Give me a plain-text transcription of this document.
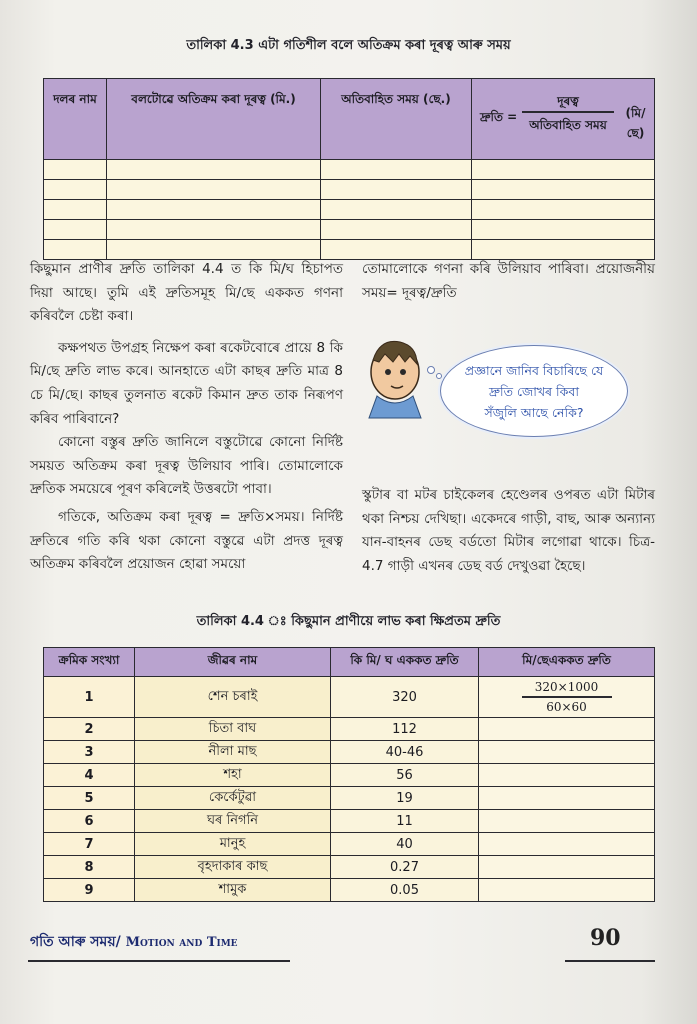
তালিকা 4.3 এটা গতিশীল বলে অতিক্ৰম কৰা দূৰত্ব আৰু সময়
দলৰ নাম	বলটোৱে অতিক্ৰম কৰা দূৰত্ব (মি.)	অতিবাহিত সময় (ছে.)	দ্ৰুতি =
দূৰত্ব
(মি/ছে)
অতিবাহিত সময়

কিছুমান প্ৰাণীৰ দ্ৰুতি তালিকা 4.4 ত কি মি/ঘ হিচাপত দিয়া আছে। তুমি এই দ্ৰুতিসমূহ মি/ছে এককত গণনা কৰিবলৈ চেষ্টা কৰা।

কক্ষপথত উপগ্ৰহ নিক্ষেপ কৰা ৰকেটবোৰে প্ৰায়ে 8 কি মি/ছে দ্ৰুতি লাভ কৰে। আনহাতে এটা কাছৰ দ্ৰুতি মাত্ৰ 8 চে মি/ছে। কাছৰ তুলনাত ৰকেট কিমান দ্ৰুত তাক নিৰূপণ কৰিব পাৰিবানে?

কোনো বস্তুৰ দ্ৰুতি জানিলে বস্তুটোৱে কোনো নিৰ্দিষ্ট সময়ত অতিক্ৰম কৰা দূৰত্ব উলিয়াব পাৰি। তোমালোকে দ্ৰুতিক সময়েৰে পূৰণ কৰিলেই উত্তৰটো পাবা।

গতিকে, অতিক্ৰম কৰা দূৰত্ব = দ্ৰুতি×সময়। নিৰ্দিষ্ট দ্ৰুতিৰে গতি কৰি থকা কোনো বস্তুৱে এটা প্ৰদত্ত দূৰত্ব অতিক্ৰম কৰিবলৈ প্ৰয়োজন হোৱা সময়ো

তোমালোকে গণনা কৰি উলিয়াব পাৰিবা। প্ৰয়োজনীয় সময়= দূৰত্ব/দ্ৰুতি

প্ৰজ্ঞানে জানিব বিচাৰিছে যে
দ্ৰুতি জোখৰ কিবা
সঁজুলি আছে নেকি?

স্কুটাৰ বা মটৰ চাইকেলৰ হেণ্ডেলৰ ওপৰত এটা মিটাৰ থকা নিশ্চয় দেখিছা। একেদৰে গাড়ী, বাছ, আৰু অন্যান্য যান-বাহনৰ ডেছ বৰ্ডতো মিটাৰ লগোৱা থাকে। চিত্ৰ- 4.7 গাড়ী এখনৰ ডেছ বৰ্ড দেখুওৱা হৈছে।

তালিকা 4.4 ঃ কিছুমান প্ৰাণীয়ে লাভ কৰা ক্ষিপ্ৰতম দ্ৰুতি
ক্ৰমিক সংখ্যা	জীৱৰ নাম	কি মি/ ঘ এককত দ্ৰুতি	মি/ছেএককত দ্ৰুতি
1	শেন চৰাই	320	320×1000
60×60

2	চিতা বাঘ	112	
3	নীলা মাছ	40-46	
4	শহা	56	
5	কেৰ্কেটুৱা	19	
6	ঘৰ নিগনি	11	
7	মানুহ	40	
8	বৃহদাকাৰ কাছ	0.27	
9	শামুক	0.05	
গতি আৰু সময়/ Motion and Time	90
